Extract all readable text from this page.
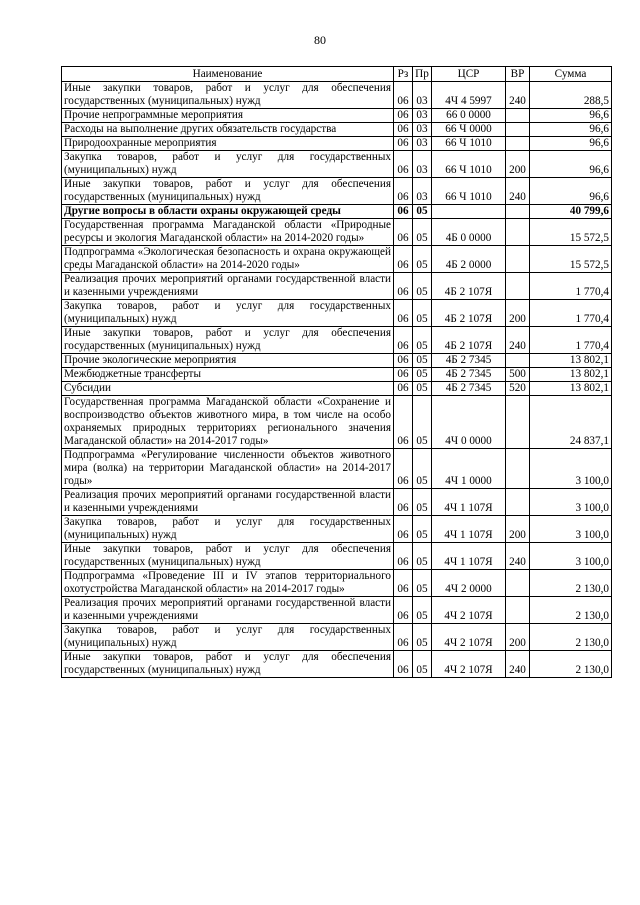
80
Наименование	Рз	Пр	ЦСР	ВР	Сумма
Иные закупки товаров, работ и услуг для обеспечения государственных (муниципальных) нужд	06	03	4Ч 4 5997	240	288,5
Прочие непрограммные мероприятия	06	03	66 0 0000		96,6
Расходы на выполнение других обязательств государства	06	03	66 Ч 0000		96,6
Природоохранные мероприятия	06	03	66 Ч 1010		96,6
Закупка товаров, работ и услуг для государственных (муниципальных) нужд	06	03	66 Ч 1010	200	96,6
Иные закупки товаров, работ и услуг для обеспечения государственных (муниципальных) нужд	06	03	66 Ч 1010	240	96,6
Другие вопросы в области охраны окружающей среды	06	05			40 799,6
Государственная программа Магаданской области «Природные ресурсы и экология Магаданской области» на 2014-2020 годы»	06	05	4Б 0 0000		15 572,5
Подпрограмма «Экологическая безопасность и охрана окружающей среды Магаданской области» на 2014-2020 годы»	06	05	4Б 2 0000		15 572,5
Реализация прочих мероприятий органами государственной власти и казенными учреждениями	06	05	4Б 2 107Я		1 770,4
Закупка товаров, работ и услуг для государственных (муниципальных) нужд	06	05	4Б 2 107Я	200	1 770,4
Иные закупки товаров, работ и услуг для обеспечения государственных (муниципальных) нужд	06	05	4Б 2 107Я	240	1 770,4
Прочие экологические мероприятия	06	05	4Б 2 7345		13 802,1
Межбюджетные трансферты	06	05	4Б 2 7345	500	13 802,1
Субсидии	06	05	4Б 2 7345	520	13 802,1
Государственная программа Магаданской области «Сохранение и воспроизводство объектов животного мира, в том числе на особо охраняемых природных территориях регионального значения Магаданской области» на 2014-2017 годы»	06	05	4Ч 0 0000		24 837,1
Подпрограмма «Регулирование численности объектов животного мира (волка) на территории Магаданской области» на 2014-2017 годы»	06	05	4Ч 1 0000		3 100,0
Реализация прочих мероприятий органами государственной власти и казенными учреждениями	06	05	4Ч 1 107Я		3 100,0
Закупка товаров, работ и услуг для государственных (муниципальных) нужд	06	05	4Ч 1 107Я	200	3 100,0
Иные закупки товаров, работ и услуг для обеспечения государственных (муниципальных) нужд	06	05	4Ч 1 107Я	240	3 100,0
Подпрограмма «Проведение III и IV этапов территориального охотустройства Магаданской области» на 2014-2017 годы»	06	05	4Ч 2 0000		2 130,0
Реализация прочих мероприятий органами государственной власти и казенными учреждениями	06	05	4Ч 2 107Я		2 130,0
Закупка товаров, работ и услуг для государственных (муниципальных) нужд	06	05	4Ч 2 107Я	200	2 130,0
Иные закупки товаров, работ и услуг для обеспечения государственных (муниципальных) нужд	06	05	4Ч 2 107Я	240	2 130,0
